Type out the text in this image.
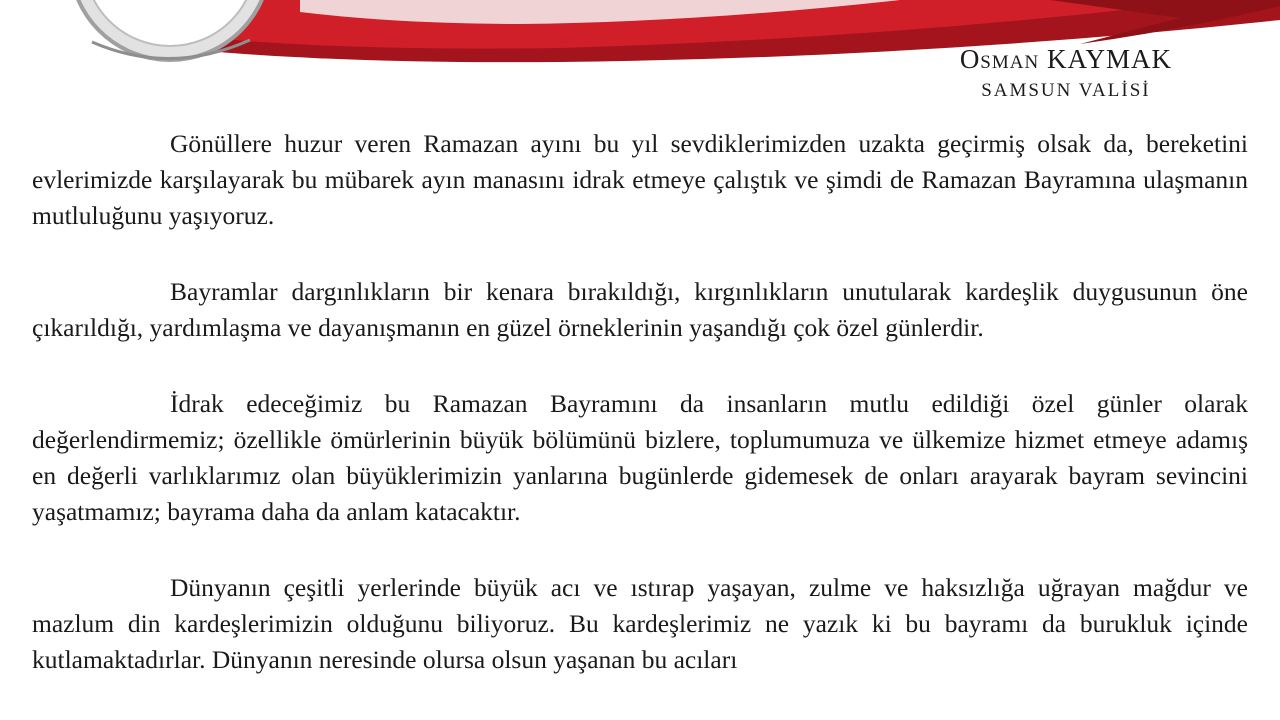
Osman KAYMAK
SAMSUN VALİSİ

Gönüllere huzur veren Ramazan ayını bu yıl sevdiklerimizden uzakta geçirmiş olsak da, bereketini evlerimizde karşılayarak bu mübarek ayın manasını idrak etmeye çalıştık ve şimdi de Ramazan Bayramına ulaşmanın mutluluğunu yaşıyoruz.

Bayramlar dargınlıkların bir kenara bırakıldığı, kırgınlıkların unutularak kardeşlik duygusunun öne çıkarıldığı, yardımlaşma ve dayanışmanın en güzel örneklerinin yaşandığı çok özel günlerdir.

İdrak edeceğimiz bu Ramazan Bayramını da insanların mutlu edildiği özel günler olarak değerlendirmemiz; özellikle ömürlerinin büyük bölümünü bizlere, toplumumuza ve ülkemize hizmet etmeye adamış en değerli varlıklarımız olan büyüklerimizin yanlarına bugünlerde gidemesek de onları arayarak bayram sevincini yaşatmamız; bayrama daha da anlam katacaktır.

Dünyanın çeşitli yerlerinde büyük acı ve ıstırap yaşayan, zulme ve haksızlığa uğrayan mağdur ve mazlum din kardeşlerimizin olduğunu biliyoruz. Bu kardeşlerimiz ne yazık ki bu bayramı da burukluk içinde kutlamaktadırlar. Dünyanın neresinde olursa olsun yaşanan bu acıları
